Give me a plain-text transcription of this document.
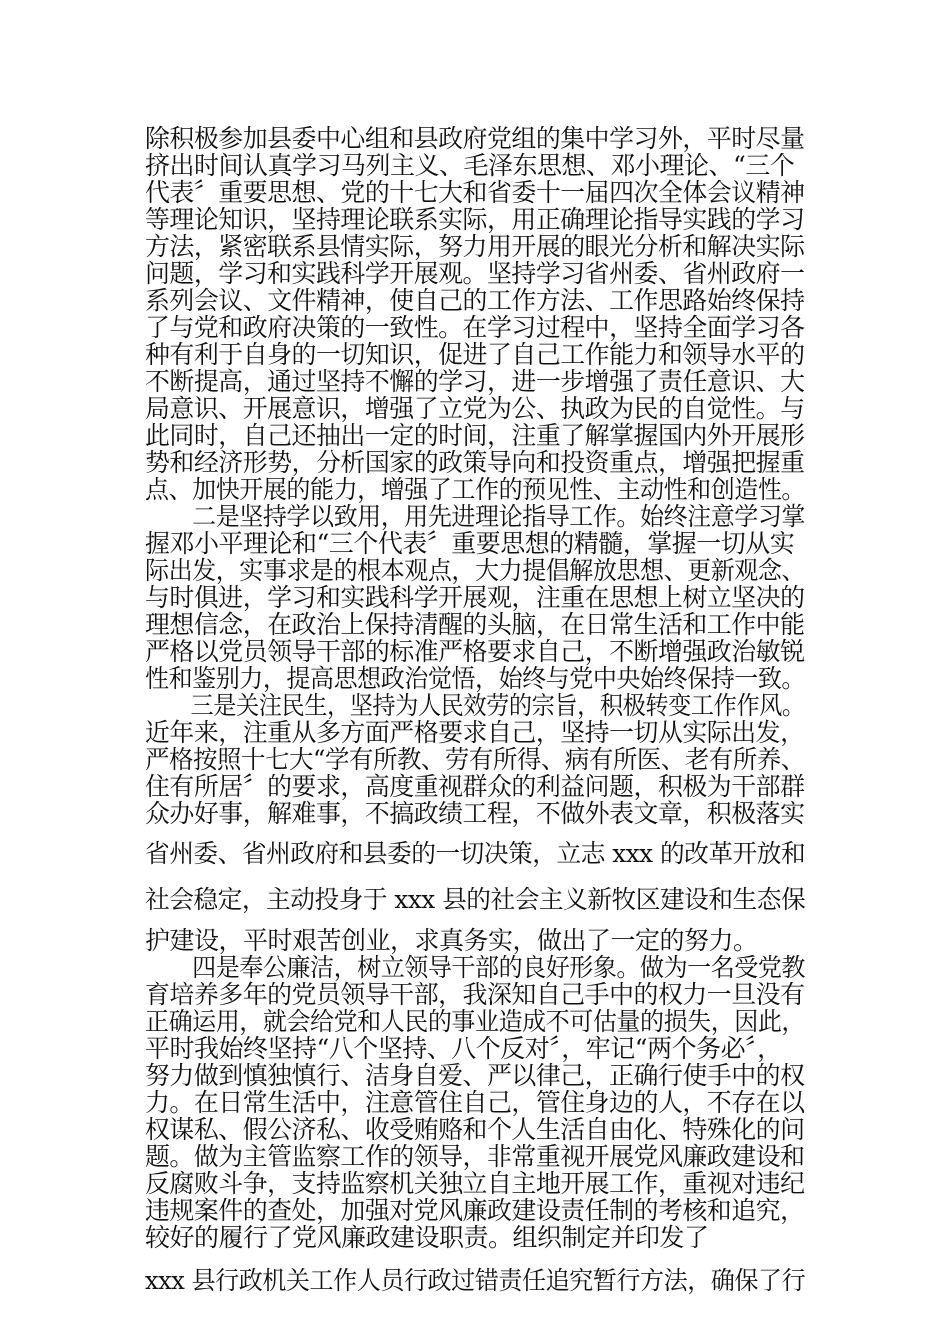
除积极参加县委中心组和县政府党组的集中学习外，平时尽量
挤出时间认真学习马列主义、毛泽东思想、邓小理论、“三个
代表〞重要思想、党的十七大和省委十一届四次全体会议精神
等理论知识，坚持理论联系实际，用正确理论指导实践的学习
方法，紧密联系县情实际，努力用开展的眼光分析和解决实际
问题，学习和实践科学开展观。坚持学习省州委、省州政府一
系列会议、文件精神，使自己的工作方法、工作思路始终保持
了与党和政府决策的一致性。在学习过程中，坚持全面学习各
种有利于自身的一切知识，促进了自己工作能力和领导水平的
不断提高，通过坚持不懈的学习，进一步增强了责任意识、大
局意识、开展意识，增强了立党为公、执政为民的自觉性。与
此同时，自己还抽出一定的时间，注重了解掌握国内外开展形
势和经济形势，分析国家的政策导向和投资重点，增强把握重
点、加快开展的能力，增强了工作的预见性、主动性和创造性。
　　二是坚持学以致用，用先进理论指导工作。始终注意学习掌
握邓小平理论和“三个代表〞重要思想的精髓，掌握一切从实
际出发，实事求是的根本观点，大力提倡解放思想、更新观念、
与时俱进，学习和实践科学开展观，注重在思想上树立坚决的
理想信念，在政治上保持清醒的头脑，在日常生活和工作中能
严格以党员领导干部的标准严格要求自己，不断增强政治敏锐
性和鉴别力，提高思想政治觉悟，始终与党中央始终保持一致。
　　三是关注民生，坚持为人民效劳的宗旨，积极转变工作作风。
近年来，注重从多方面严格要求自己，坚持一切从实际出发，
严格按照十七大“学有所教、劳有所得、病有所医、老有所养、
住有所居〞的要求，高度重视群众的利益问题，积极为干部群
众办好事，解难事，不搞政绩工程，不做外表文章，积极落实
省州委、省州政府和县委的一切决策，立志 xxx 的改革开放和
社会稳定，主动投身于 xxx 县的社会主义新牧区建设和生态保
护建设，平时艰苦创业，求真务实，做出了一定的努力。
　　四是奉公廉洁，树立领导干部的良好形象。做为一名受党教
育培养多年的党员领导干部，我深知自己手中的权力一旦没有
正确运用，就会给党和人民的事业造成不可估量的损失，因此，
平时我始终坚持“八个坚持、八个反对〞，牢记“两个务必〞，
努力做到慎独慎行、洁身自爱、严以律己，正确行使手中的权
力。在日常生活中，注意管住自己，管住身边的人，不存在以
权谋私、假公济私、收受贿赂和个人生活自由化、特殊化的问
题。做为主管监察工作的领导，非常重视开展党风廉政建设和
反腐败斗争，支持监察机关独立自主地开展工作，重视对违纪
违规案件的查处，加强对党风廉政建设责任制的考核和追究，
较好的履行了党风廉政建设职责。组织制定并印发了
xxx 县行政机关工作人员行政过错责任追究暂行方法，确保了行
